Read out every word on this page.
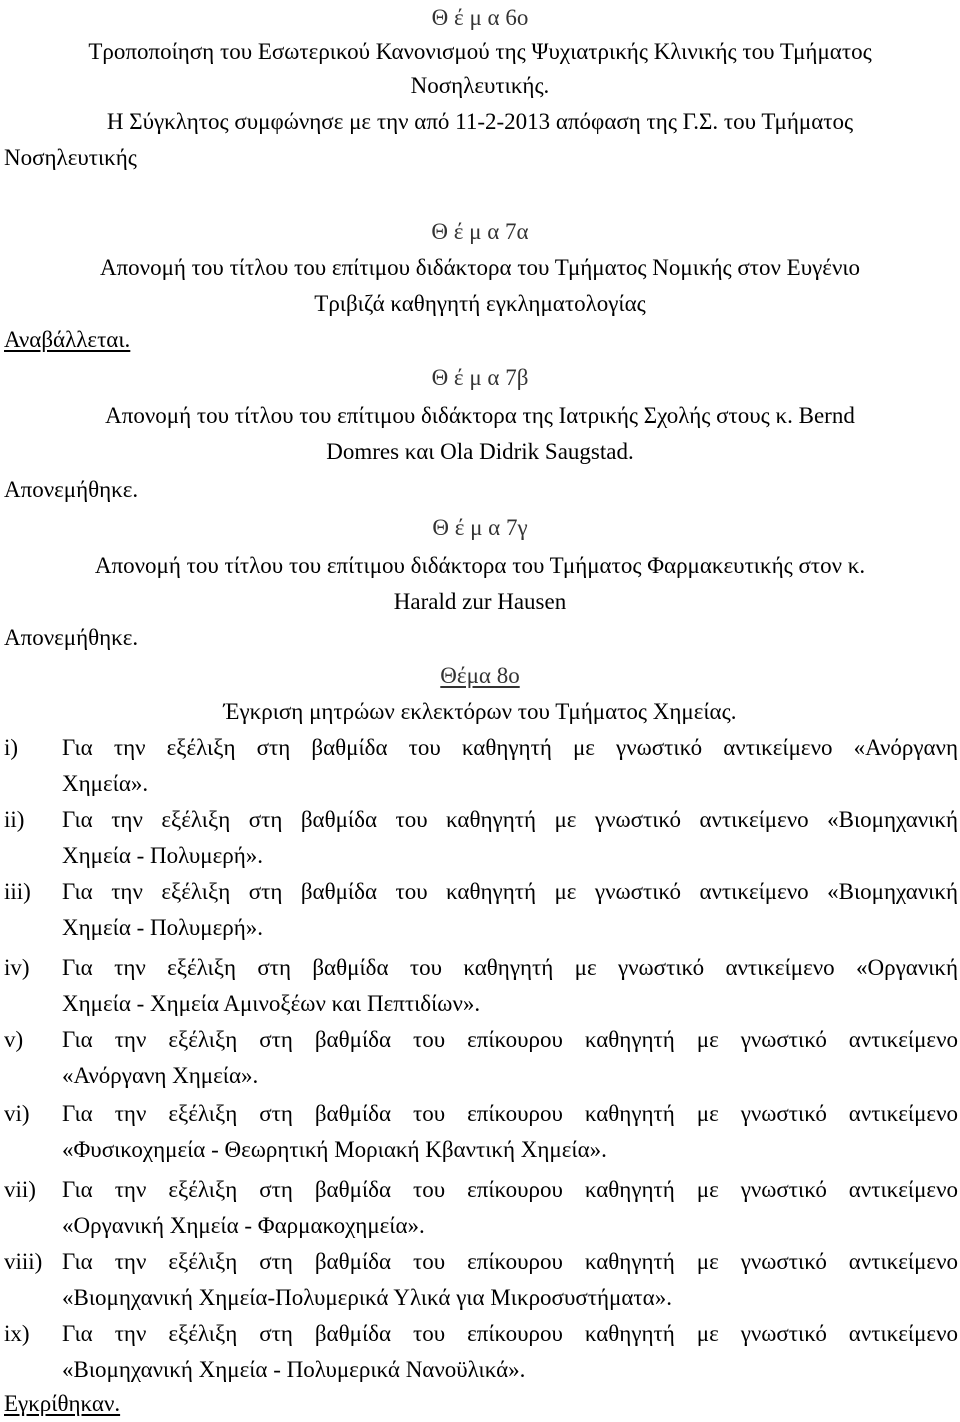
Θ έ μ α 6ο
Τροποποίηση του Εσωτερικού Κανονισμού της Ψυχιατρικής Κλινικής του Τμήματος
Νοσηλευτικής.
Η Σύγκλητος συμφώνησε με την από 11-2-2013 απόφαση της Γ.Σ. του Τμήματος
Νοσηλευτικής
Θ έ μ α 7α
Απονομή του τίτλου του επίτιμου διδάκτορα του Τμήματος Νομικής στον Ευγένιο
Τριβιζά καθηγητή εγκληματολογίας
Αναβάλλεται.
Θ έ μ α 7β
Απονομή του τίτλου του επίτιμου διδάκτορα της Ιατρικής Σχολής στους κ. Bernd
Domres και Ola Didrik Saugstad.
Απονεμήθηκε.
Θ έ μ α 7γ
Απονομή του τίτλου του επίτιμου διδάκτορα του Τμήματος Φαρμακευτικής στον κ.
Harald zur Hausen
Απονεμήθηκε.
Θέμα 8ο
Έγκριση μητρώων εκλεκτόρων του Τμήματος Χημείας.
i) Για την εξέλιξη στη βαθμίδα του καθηγητή με γνωστικό αντικείμενο «Ανόργανη
Χημεία».
ii) Για την εξέλιξη στη βαθμίδα του καθηγητή με γνωστικό αντικείμενο «Βιομηχανική
Χημεία - Πολυμερή».
iii) Για την εξέλιξη στη βαθμίδα του καθηγητή με γνωστικό αντικείμενο «Βιομηχανική
Χημεία - Πολυμερή».
iv) Για την εξέλιξη στη βαθμίδα του καθηγητή με γνωστικό αντικείμενο «Οργανική
Χημεία - Χημεία Αμινοξέων και Πεπτιδίων».
v) Για την εξέλιξη στη βαθμίδα του επίκουρου καθηγητή με γνωστικό αντικείμενο
«Ανόργανη Χημεία».
vi) Για την εξέλιξη στη βαθμίδα του επίκουρου καθηγητή με γνωστικό αντικείμενο
«Φυσικοχημεία - Θεωρητική Μοριακή Κβαντική Χημεία».
vii) Για την εξέλιξη στη βαθμίδα του επίκουρου καθηγητή με γνωστικό αντικείμενο
«Οργανική Χημεία - Φαρμακοχημεία».
viii) Για την εξέλιξη στη βαθμίδα του επίκουρου καθηγητή με γνωστικό αντικείμενο
«Βιομηχανική Χημεία-Πολυμερικά Υλικά για Μικροσυστήματα».
ix) Για την εξέλιξη στη βαθμίδα του επίκουρου καθηγητή με γνωστικό αντικείμενο
«Βιομηχανική Χημεία - Πολυμερικά Νανοϋλικά».
Εγκρίθηκαν.
